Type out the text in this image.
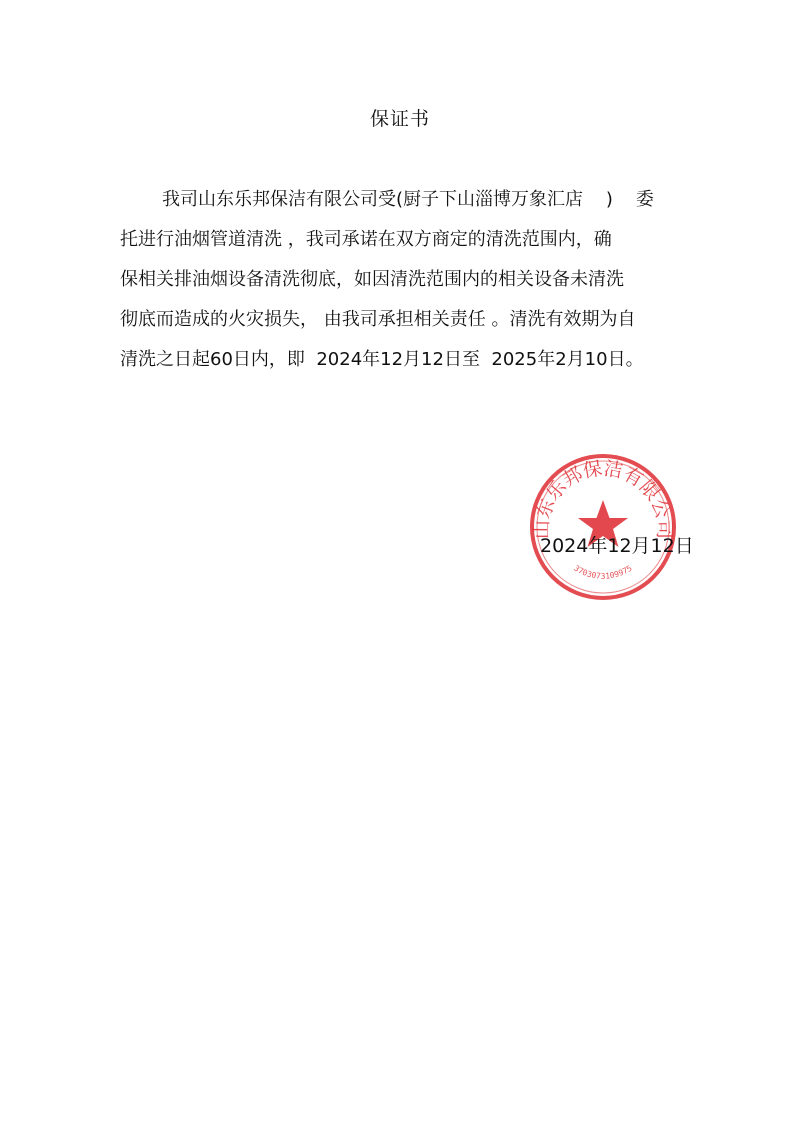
保证书
我司山东乐邦保洁有限公司受(厨子下山淄博万象汇店    )    委
托进行油烟管道清洗 ，我司承诺在双方商定的清洗范围内，确
保相关排油烟设备清洗彻底，如因清洗范围内的相关设备未清洗
彻底而造成的火灾损失， 由我司承担相关责任 。清洗有效期为自
清洗之日起60日内，即  2024年12月12日至  2025年2月10日。
山东乐邦保洁有限公司
3703073109975
2024年12月12日
